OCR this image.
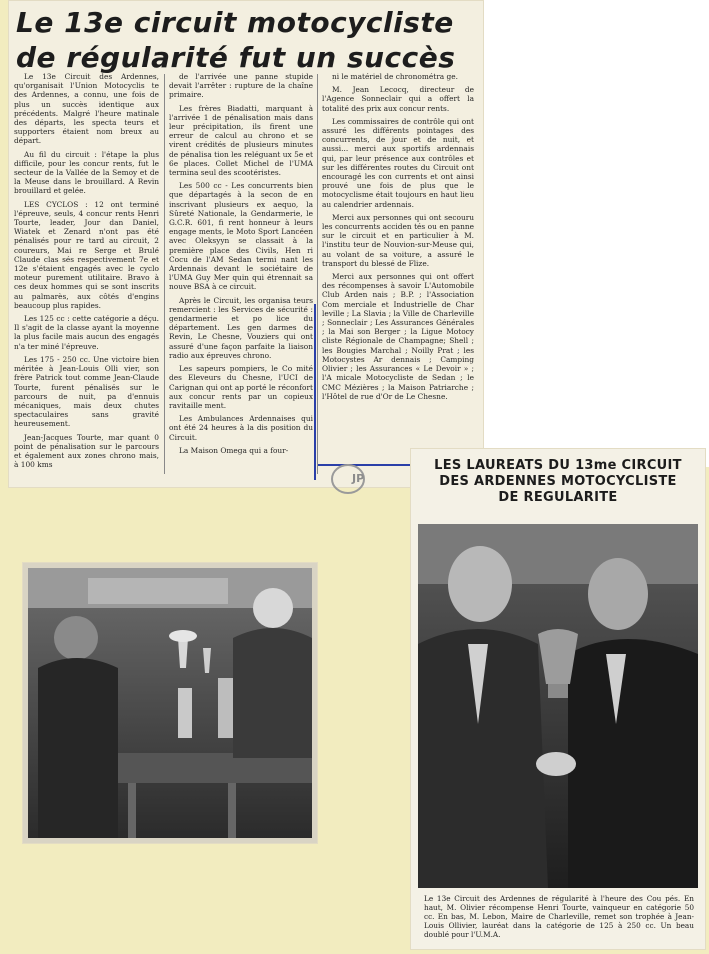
Le 13e circuit motocycliste
de régularité fut un succès

Le 13e Circuit des Ardennes, qu'organisait l'Union Motocyclis te des Ardennes, a connu, une fois de plus un succès identique aux précédents. Malgré l'heure matinale des départs, les specta teurs et supporters étaient nom breux au départ.

Au fil du circuit : l'étape la plus difficile, pour les concur rents, fut le secteur de la Vallée de la Semoy et de la Meuse dans le brouillard. A Revin brouillard et gelée.

LES CYCLOS : 12 ont terminé l'épreuve, seuls, 4 concur rents Henri Tourte, leader, Jour dan Daniel, Wiatek et Zenard n'ont pas été pénalisés pour re tard au circuit, 2 coureurs, Mai re Serge et Brulé Claude clas sés respectivement 7e et 12e s'étaient engagés avec le cyclo moteur purement utilitaire. Bravo à ces deux hommes qui se sont inscrits au palmarès, aux côtés d'engins beaucoup plus rapides.

Les 125 cc : cette catégorie a déçu. Il s'agit de la classe ayant la moyenne la plus facile mais aucun des engagés n'a ter miné l'épreuve.

Les 175 - 250 cc. Une victoire bien méritée à Jean-Louis Olli vier, son frère Patrick tout comme Jean-Claude Tourte, furent pénalisés sur le parcours de nuit, pa d'ennuis mécaniques, mais deux chutes spectaculaires sans gravité heureusement.

Jean-Jacques Tourte, mar quant 0 point de pénalisation sur le parcours et également aux zones chrono mais, à 100 kms

de l'arrivée une panne stupide devait l'arrêter : rupture de la chaîne primaire.

Les frères Biadatti, marquant à l'arrivée 1 de pénalisation mais dans leur précipitation, ils firent une erreur de calcul au chrono et se virent crédités de plusieurs minutes de pénalisa tion les reléguant ux 5e et 6e places. Collet Michel de l'UMA termina seul des scootéristes.

Les 500 cc - Les concurrents bien que départagés à la secon de en inscrivant plusieurs ex aequo, la Sûreté Nationale, la Gendarmerie, le G.C.R. 601, fi rent honneur à leurs engage ments, le Moto Sport Lancéen avec Oleksyyn se classait à la première place des Civils, Hen ri Cocu de l'AM Sedan termi nant les Ardennais devant le sociétaire de l'UMA Guy Mer quin qui étrennait sa nouve BSA à ce circuit.

Après le Circuit, les organisa teurs remercient : les Services de sécurité : gendarmerie et po lice du département. Les gen darmes de Revin, Le Chesne, Vouziers qui ont assuré d'une façon parfaite la liaison radio aux épreuves chrono.

Les sapeurs pompiers, le Co mité des Eleveurs du Chesne, l'UCI de Carignan qui ont ap porté le réconfort aux concur rents par un copieux ravitaille ment.

Les Ambulances Ardennaises qui ont été 24 heures à la dis position du Circuit.

La Maison Omega qui a four-

ni le matériel de chronométra ge.

M. Jean Lecocq, directeur de l'Agence Sonneclair qui a offert la totalité des prix aux concur rents.

Les commissaires de contrôle qui ont assuré les différents pointages des concurrents, de jour et de nuit, et aussi... merci aux sportifs ardennais qui, par leur présence aux contrôles et sur les différentes routes du Circuit ont encouragé les con currents et ont ainsi prouvé une fois de plus que le motocyclisme était toujours en haut lieu au calendrier ardennais.

Merci aux personnes qui ont secouru les concurrents acciden tés ou en panne sur le circuit et en particulier à M. l'institu teur de Nouvion-sur-Meuse qui, au volant de sa voiture, a assuré le transport du blessé de Flize.

Merci aux personnes qui ont offert des récompenses à savoir L'Automobile Club Arden nais ; B.P. ; l'Association Com merciale et Industrielle de Char leville ; La Slavia ; la Ville de Charleville ; Sonneclair ; Les Assurances Générales ; la Mai son Berger ; la Ligue Motocy cliste Régionale de Champagne; Shell ; les Bougies Marchal ; Noilly Prat ; les Motocystes Ar dennais ; Camping Olivier ; les Assurances « Le Devoir » ; l'A micale Motocycliste de Sedan ; le CMC Mézières ; la Maison Patriarche ; l'Hôtel de rue d'Or de Le Chesne.

JP
LES LAUREATS DU 13me CIRCUIT
DES ARDENNES MOTOCYCLISTE
DE REGULARITE
Le 13e Circuit des Ardennes de régularité à l'heure des Cou pés. En haut, M. Olivier récompense Henri Tourte, vainqueur en catégorie 50 cc. En bas, M. Lebon, Maire de Charleville, remet son trophée à Jean-Louis Ollivier, lauréat dans la catégorie de 125 à 250 cc. Un beau doublé pour l'U.M.A.
